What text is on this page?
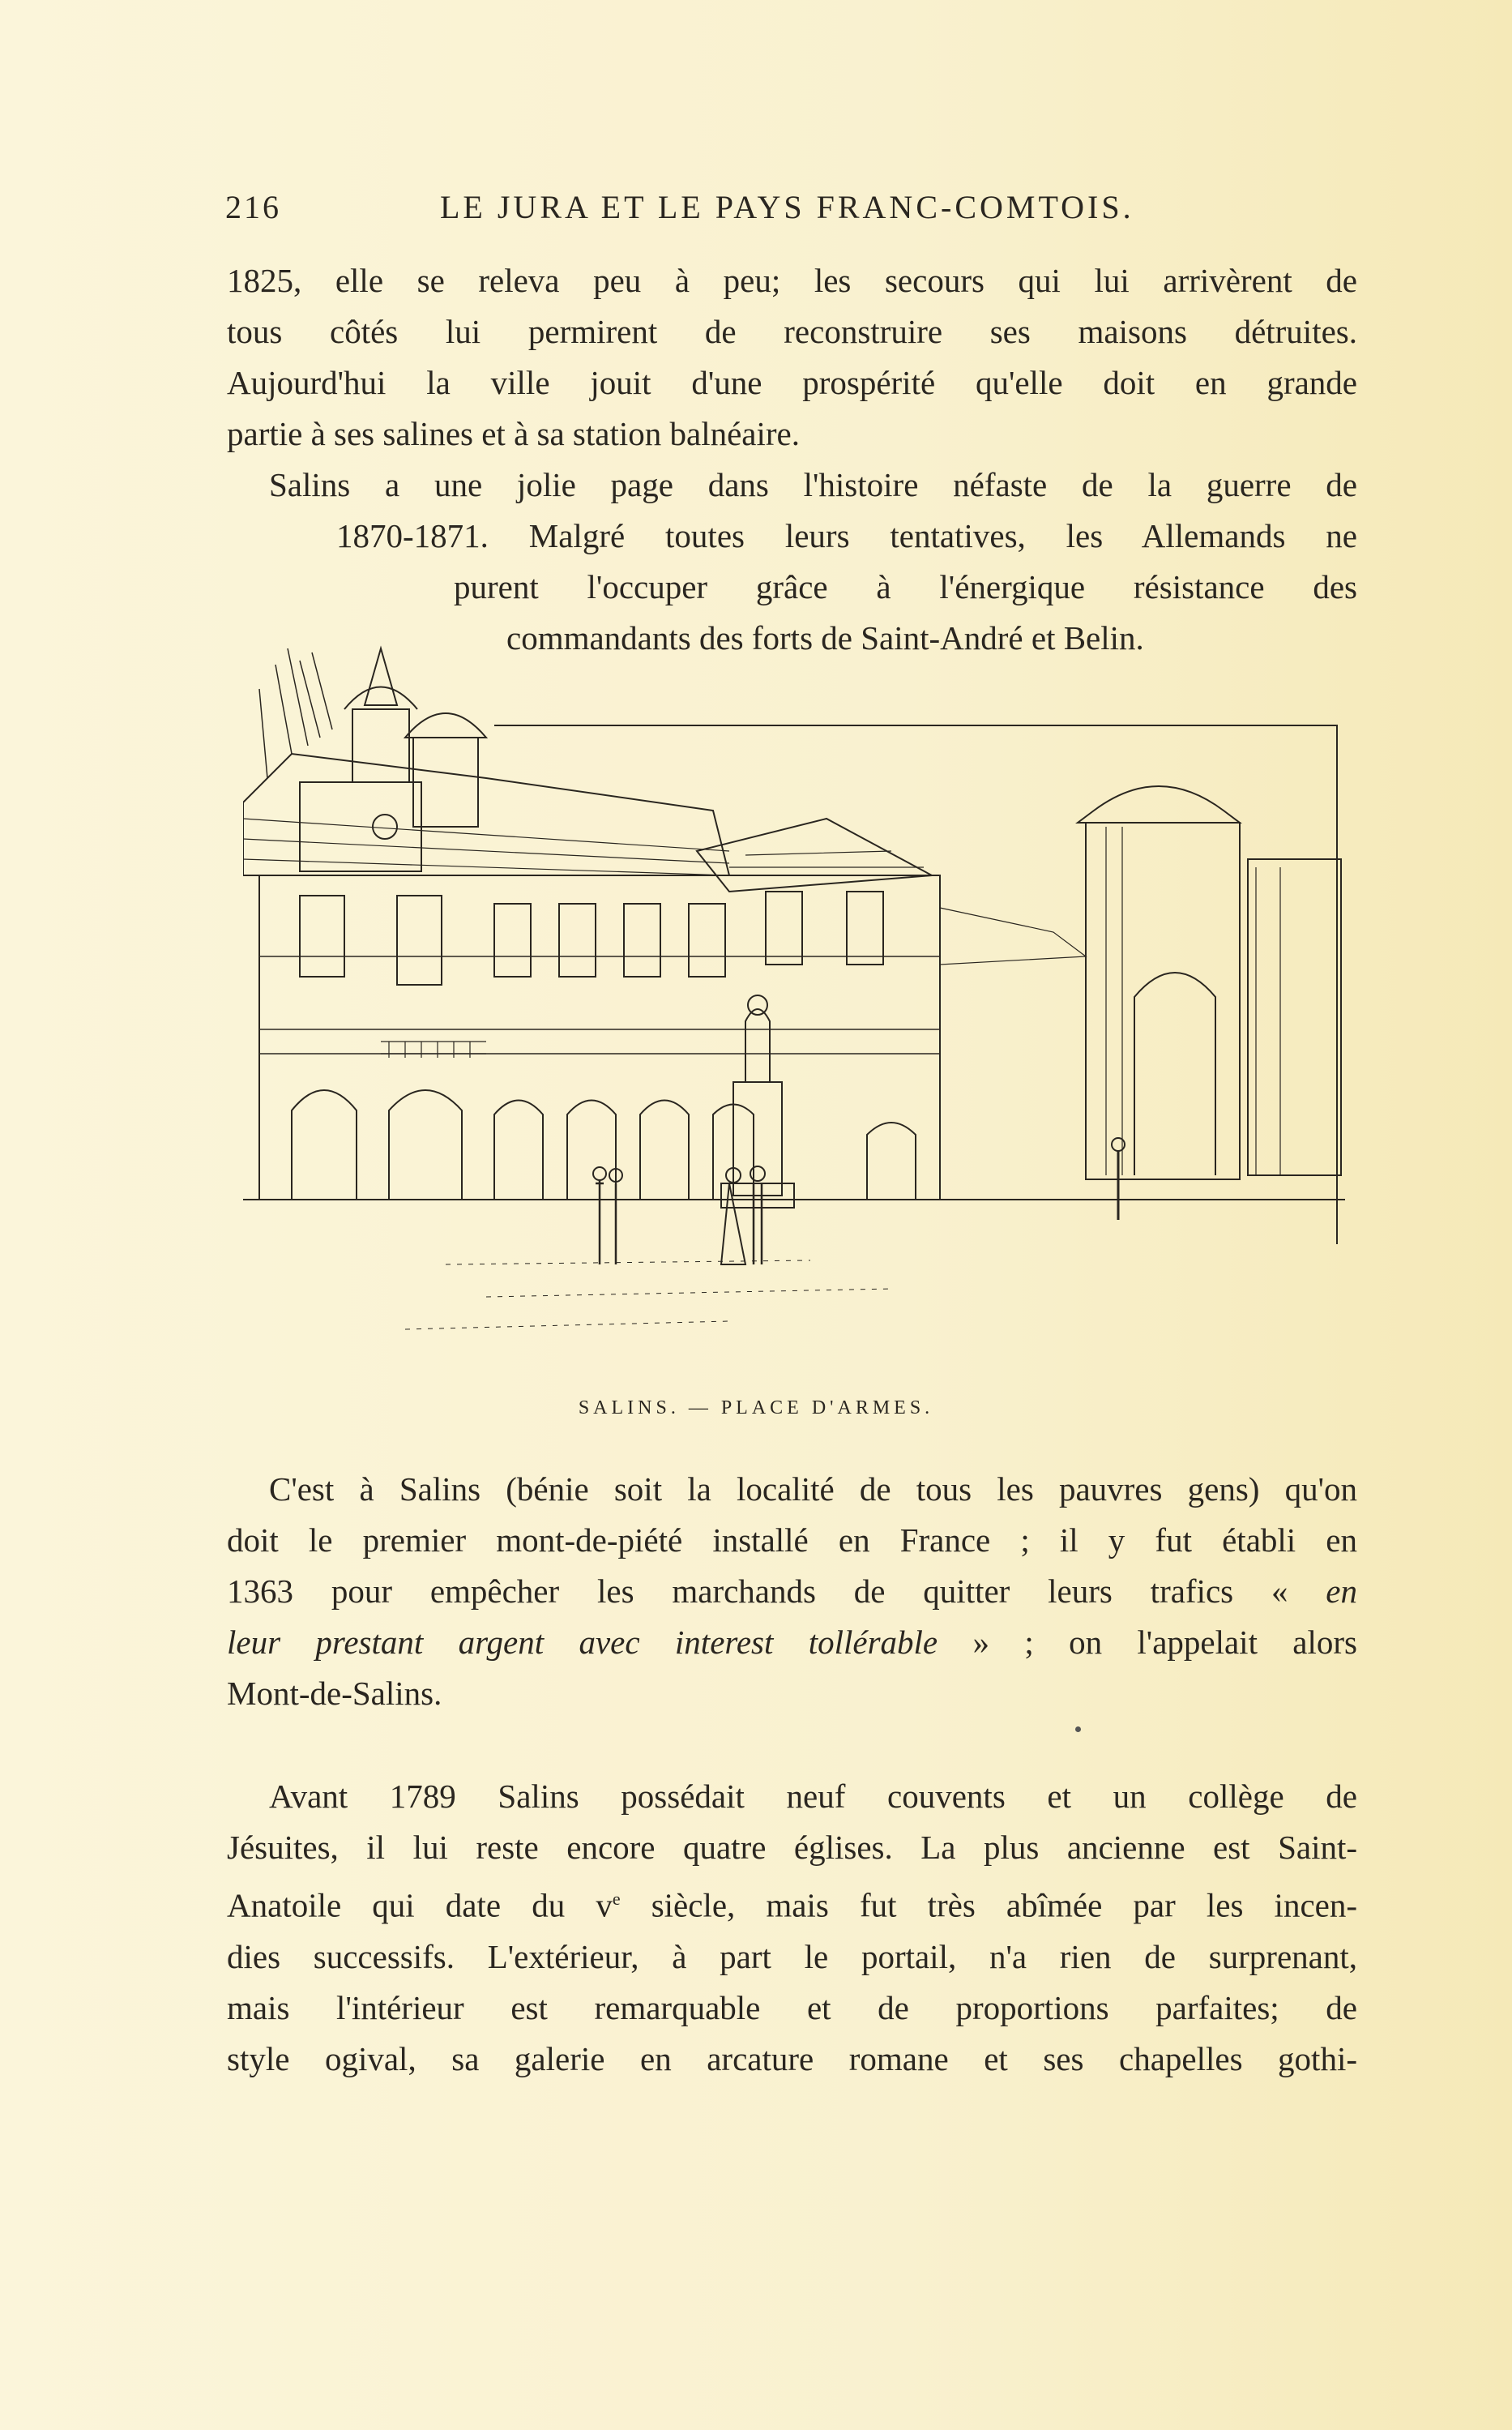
216	LE JURA ET LE PAYS FRANC-COMTOIS.
1825, elle se releva peu à peu; les secours qui lui arrivèrent de
tous côtés lui permirent de reconstruire ses maisons détruites.
Aujourd'hui la ville jouit d'une prospérité qu'elle doit en grande
partie à ses salines et à sa station balnéaire.
Salins a une jolie page dans l'histoire néfaste de la guerre de
1870-1871. Malgré toutes leurs tentatives, les Allemands ne
purent l'occuper grâce à l'énergique résistance des
commandants des forts de Saint-André et Belin.
SALINS. — PLACE D'ARMES.
C'est à Salins (bénie soit la localité de tous les pauvres gens) qu'on
doit le premier mont-de-piété installé en France ; il y fut établi en
1363 pour empêcher les marchands de quitter leurs trafics « en
leur prestant argent avec interest tollérable » ; on l'appelait alors
Mont-de-Salins.
Avant 1789 Salins possédait neuf couvents et un collège de
Jésuites, il lui reste encore quatre églises. La plus ancienne est Saint-
Anatoile qui date du $v^e$ siècle, mais fut très abîmée par les incen-
dies successifs. L'extérieur, à part le portail, n'a rien de surprenant,
mais l'intérieur est remarquable et de proportions parfaites; de
style ogival, sa galerie en arcature romane et ses chapelles gothi-
